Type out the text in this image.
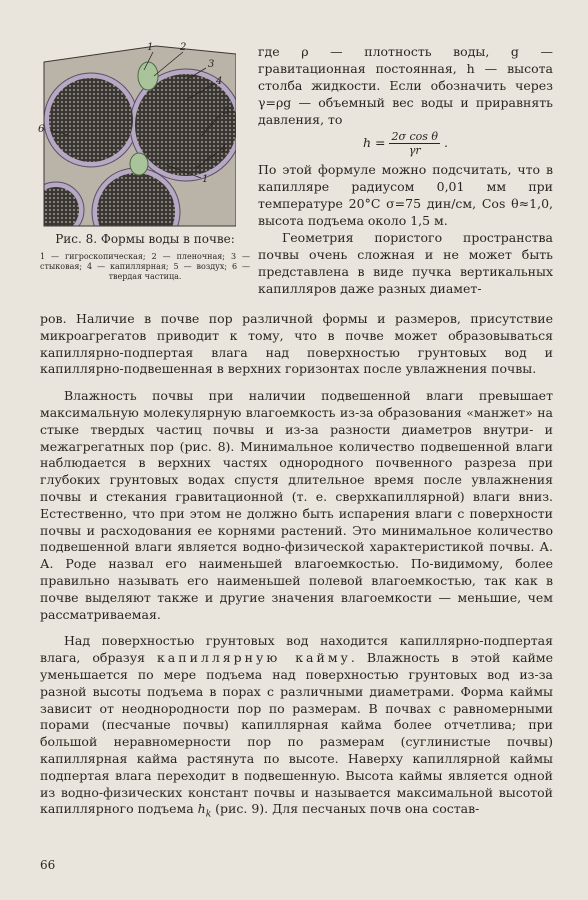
1	2
3
4
5
4
6
1
Рис. 8. Формы воды в почве:
1 — гигроскопическая; 2 — пленочная; 3 — стыковая; 4 — капиллярная; 5 — воздух; 6 — твердая частица.

где ρ — плотность воды, g — гравитационная постоянная, h — высота столба жидкости. Если обозначить через γ=ρg — объемный вес воды и приравнять давления, то

$h = \frac{\text{2σ cos θ}}{\gamma r}$ .

По этой формуле можно подсчитать, что в капилляре радиусом 0,01 мм при температуре 20°C σ=75 дин/см, Cos θ≈1,0, высота подъема около 1,5 м.

Геометрия пористого пространства почвы очень сложная и не может быть представлена в виде пучка вертикальных капилляров даже разных диамет-

ров. Наличие в почве пор различной формы и размеров, присутствие микроагрегатов приводит к тому, что в почве может образовываться капиллярно-подпертая влага над поверхностью грунтовых вод и капиллярно-подвешенная в верхних горизонтах после увлажнения почвы.

Влажность почвы при наличии подвешенной влаги превышает максимальную молекулярную влагоемкость из-за образования «манжет» на стыке твердых частиц почвы и из-за разности диаметров внутри- и межагрегатных пор (рис. 8). Минимальное количество подвешенной влаги наблюдается в верхних частях однородного почвенного разреза при глубоких грунтовых водах спустя длительное время после увлажнения почвы и стекания гравитационной (т. е. сверхкапиллярной) влаги вниз. Естественно, что при этом не должно быть испарения влаги с поверхности почвы и расходования ее корнями растений. Это минимальное количество подвешенной влаги является водно-физической характеристикой почвы. А. А. Роде назвал его наименьшей влагоемкостью. По-видимому, более правильно называть его наименьшей полевой влагоемкостью, так как в почве выделяют также и другие значения влагоемкости — меньшие, чем рассматриваемая.

Над поверхностью грунтовых вод находится капиллярно-подпертая влага, образуя капиллярную кайму. Влажность в этой кайме уменьшается по мере подъема над поверхностью грунтовых вод из-за разной высоты подъема в порах с различными диаметрами. Форма каймы зависит от неоднородности пор по размерам. В почвах с равномерными порами (песчаные почвы) капиллярная кайма более отчетлива; при большой неравномерности пор по размерам (суглинистые почвы) капиллярная кайма растянута по высоте. Наверху капиллярной каймы подпертая влага переходит в подвешенную. Высота каймы является одной из водно-физических констант почвы и называется максимальной высотой капиллярного подъема $h_k$ (рис. 9). Для песчаных почв она состав-

66
